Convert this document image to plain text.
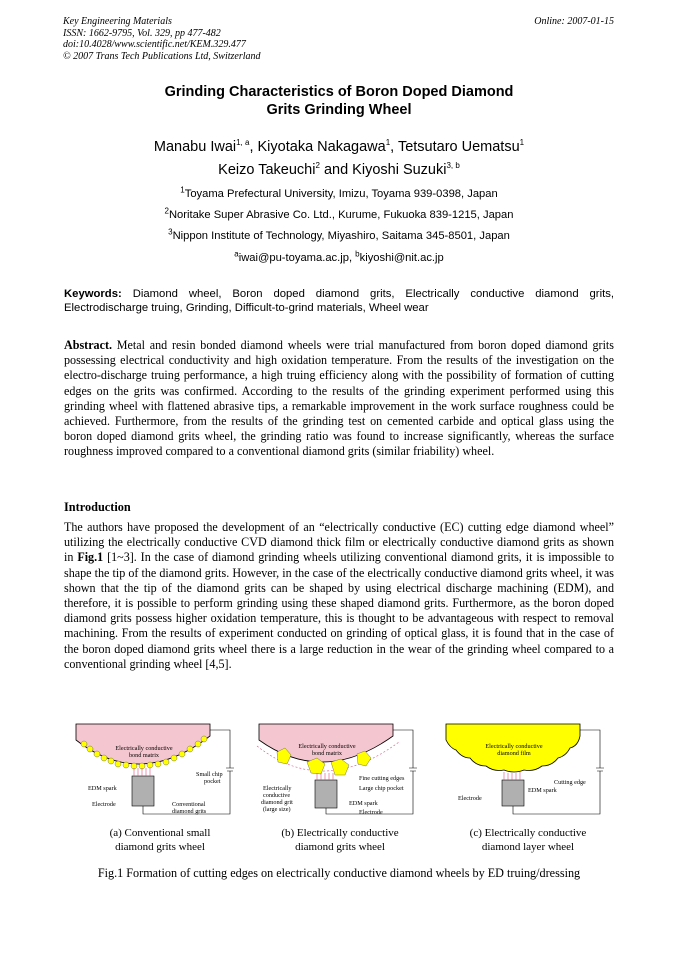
Key Engineering Materials
ISSN: 1662-9795, Vol. 329, pp 477-482
doi:10.4028/www.scientific.net/KEM.329.477
© 2007 Trans Tech Publications Ltd, Switzerland
Online: 2007-01-15
Grinding Characteristics of Boron Doped Diamond
Grits Grinding Wheel
Manabu Iwai$^{1, a}$, Kiyotaka Nakagawa$^1$, Tetsutaro Uematsu$^1$
Keizo Takeuchi$^2$ and Kiyoshi Suzuki$^{3, b}$
$^1$Toyama Prefectural University, Imizu, Toyama 939-0398, Japan
$^2$Noritake Super Abrasive Co. Ltd., Kurume, Fukuoka 839-1215, Japan
$^3$Nippon Institute of Technology, Miyashiro, Saitama 345-8501, Japan
$^a$iwai@pu-toyama.ac.jp, $^b$kiyoshi@nit.ac.jp
Keywords: Diamond wheel, Boron doped diamond grits, Electrically conductive diamond grits, Electrodischarge truing, Grinding, Difficult-to-grind materials, Wheel wear
Abstract. Metal and resin bonded diamond wheels were trial manufactured from boron doped diamond grits possessing electrical conductivity and high oxidation temperature. From the results of the investigation on the electro-discharge truing performance, a high truing efficiency along with the possibility of formation of cutting edges on the grits was confirmed. According to the results of the grinding experiment performed using this grinding wheel with flattened abrasive tips, a remarkable improvement in the work surface roughness could be achieved. Furthermore, from the results of the grinding test on cemented carbide and optical glass using the boron doped diamond grits wheel, the grinding ratio was found to increase significantly, whereas the surface roughness improved compared to a conventional diamond grits (similar friability) wheel.
Introduction
The authors have proposed the development of an “electrically conductive (EC) cutting edge diamond wheel” utilizing the electrically conductive CVD diamond thick film or electrically conductive diamond grits as shown in Fig.1 [1~3]. In the case of diamond grinding wheels utilizing conventional diamond grits, it is impossible to shape the tip of the diamond grits. However, in the case of the electrically conductive diamond grits wheel, it was shown that the tip of the diamond grits can be shaped by using electrical discharge machining (EDM), and therefore, it is possible to perform grinding using these shaped diamond grits. Furthermore, as the boron doped diamond grits possess higher oxidation temperature, this is thought to be advantageous with respect to removal machining. From the results of experiment conducted on grinding of optical glass, it is found that in the case of the boron doped diamond grits wheel there is a large reduction in the wear of the grinding wheel compared to a conventional grinding wheel [4,5].
Electrically conductive
bond matrix
Small chip
pocket
EDM spark
Electrode	Conventional
diamond grits
Electrically conductive
bond matrix
Fine cutting edges
Large chip pocket
Electrically
conductive
diamond grit
(large size)
EDM spark
Electrode
Electrically conductive
diamond film
Cutting edge
EDM spark
Electrode
(a) Conventional small
diamond grits wheel
(b) Electrically conductive
diamond grits wheel
(c) Electrically conductive
diamond layer wheel
Fig.1 Formation of cutting edges on electrically conductive diamond wheels by ED truing/dressing
